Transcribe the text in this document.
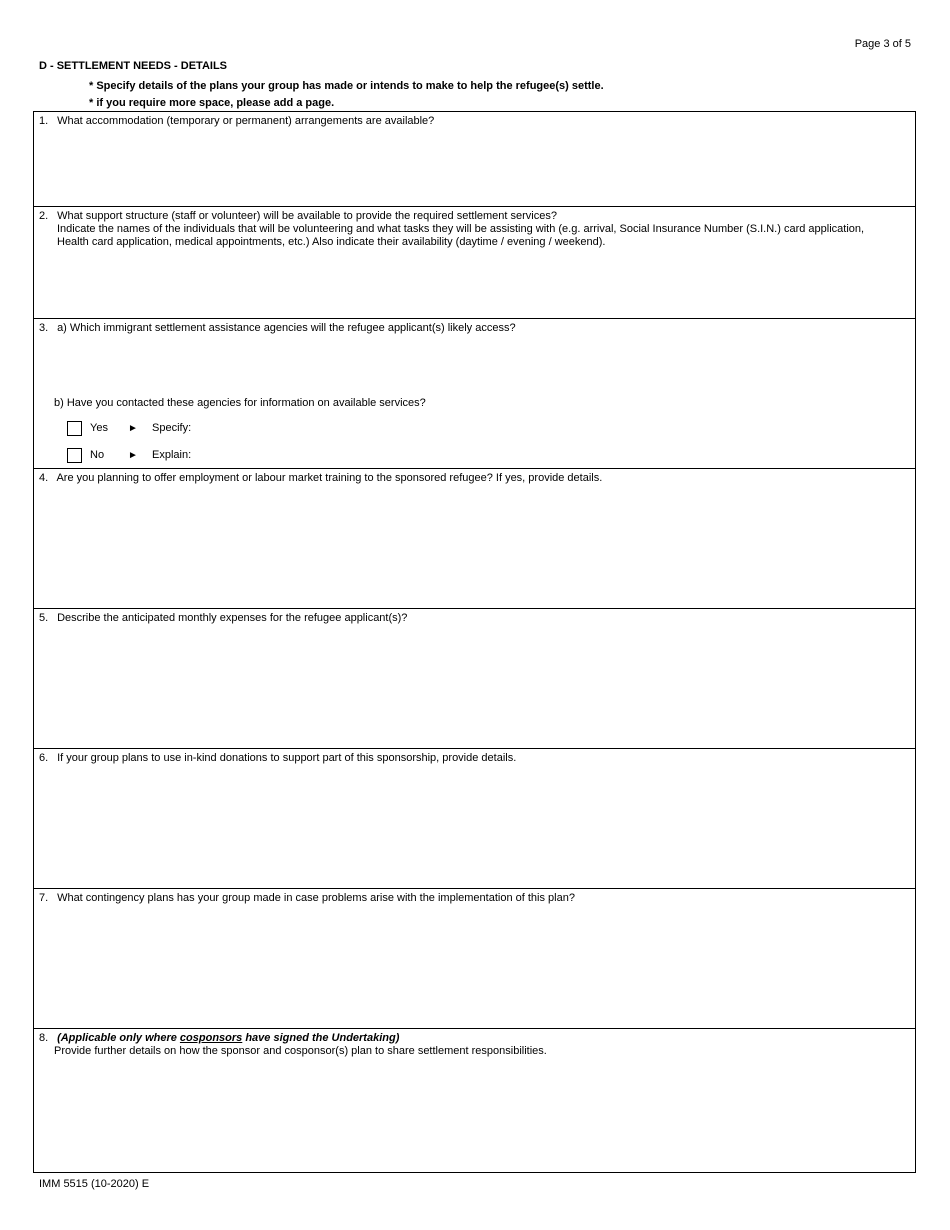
Page 3 of 5
D - SETTLEMENT NEEDS - DETAILS
* Specify details of the plans your group has made or intends to make to help the refugee(s) settle.
* if you require more space, please add a page.
1. What accommodation (temporary or permanent) arrangements are available?
2. What support structure (staff or volunteer) will be available to provide the required settlement services?
Indicate the names of the individuals that will be volunteering and what tasks they will be assisting with (e.g. arrival, Social Insurance Number (S.I.N.) card application, Health card application, medical appointments, etc.) Also indicate their availability (daytime / evening / weekend).
3. a) Which immigrant settlement assistance agencies will the refugee applicant(s) likely access?
b) Have you contacted these agencies for information on available services?
Yes	►	Specify:
No	►	Explain:
4. Are you planning to offer employment or labour market training to the sponsored refugee? If yes, provide details.
5. Describe the anticipated monthly expenses for the refugee applicant(s)?
6. If your group plans to use in-kind donations to support part of this sponsorship, provide details.
7. What contingency plans has your group made in case problems arise with the implementation of this plan?
8. (Applicable only where cosponsors have signed the Undertaking)
Provide further details on how the sponsor and cosponsor(s) plan to share settlement responsibilities.
IMM 5515 (10-2020) E
